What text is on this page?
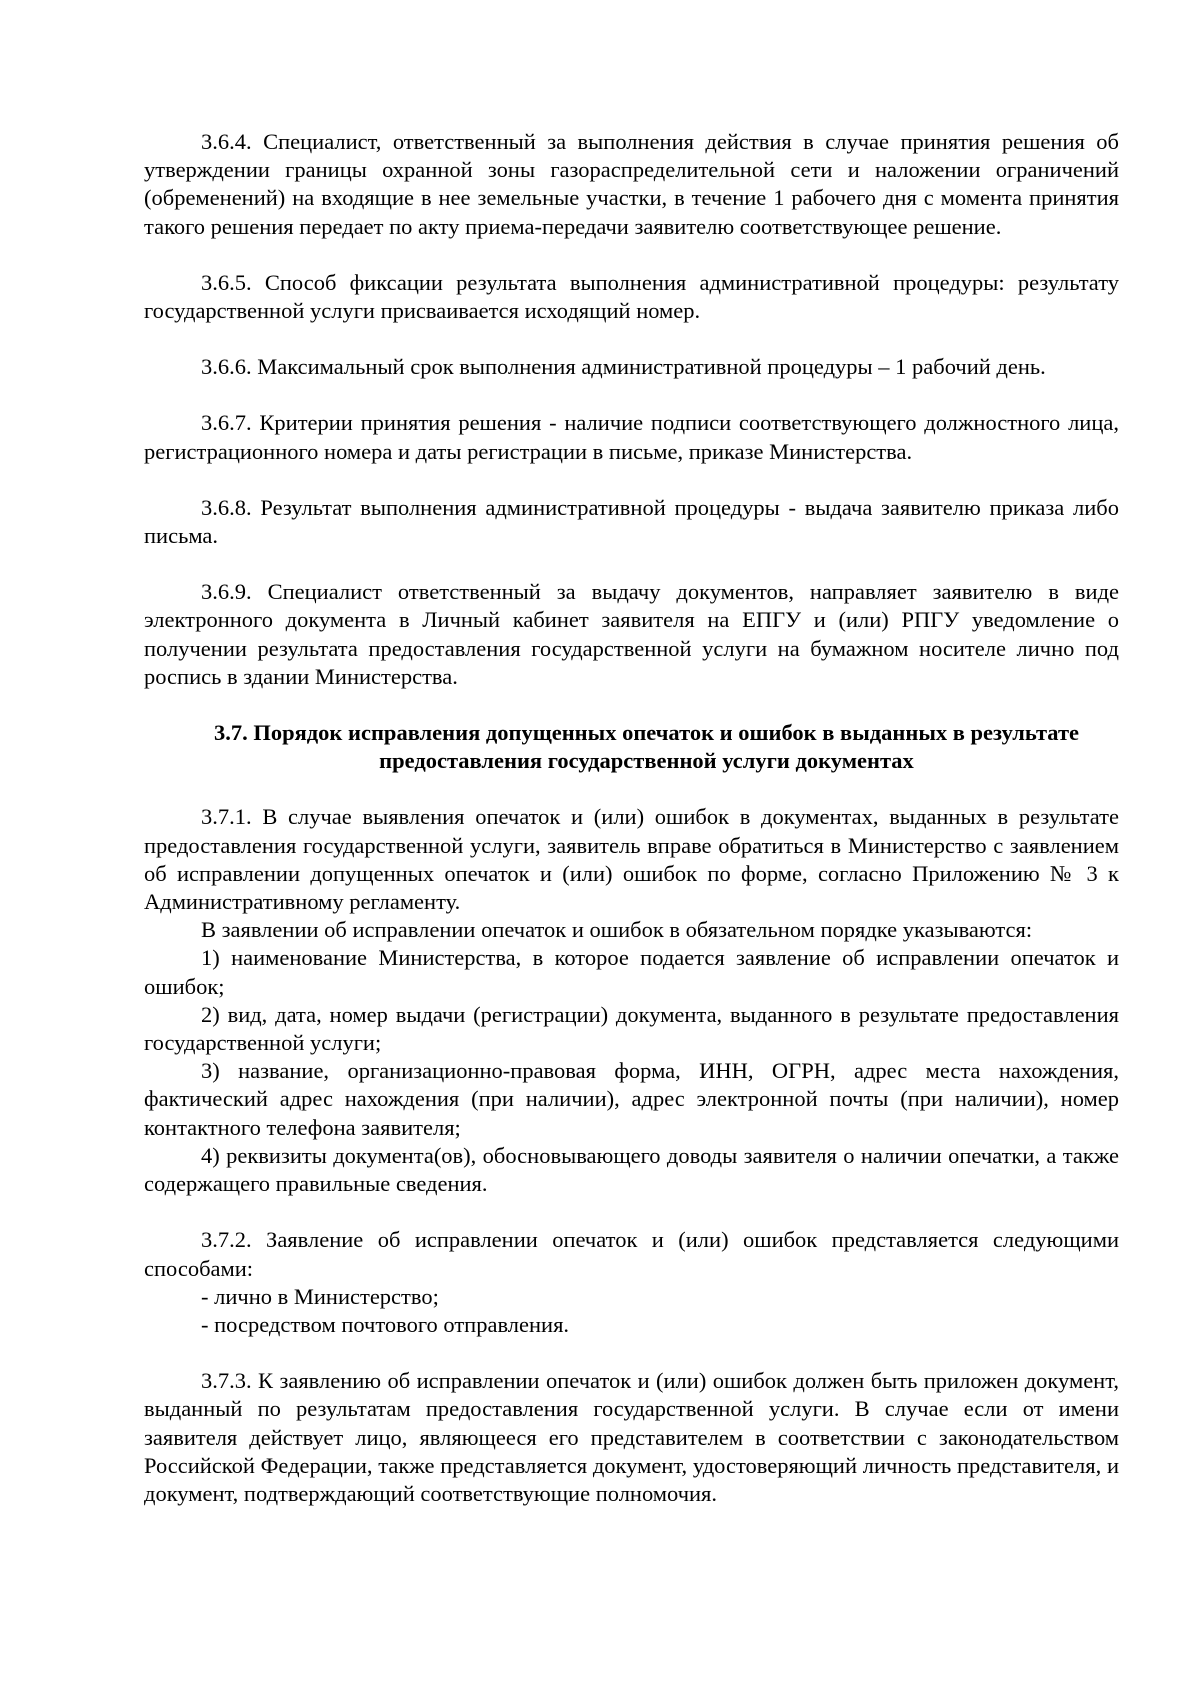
3.6.4. Специалист, ответственный за выполнения действия в случае принятия решения об утверждении границы охранной зоны газораспределительной сети и наложении ограничений (обременений) на входящие в нее земельные участки, в течение 1 рабочего дня с момента принятия такого решения передает по акту приема-передачи заявителю соответствующее решение.

3.6.5. Способ фиксации результата выполнения административной процедуры: результату государственной услуги присваивается исходящий номер.

3.6.6. Максимальный срок выполнения административной процедуры – 1 рабочий день.

3.6.7. Критерии принятия решения - наличие подписи соответствующего должностного лица, регистрационного номера и даты регистрации в письме, приказе Министерства.

3.6.8. Результат выполнения административной процедуры - выдача заявителю приказа либо письма.

3.6.9. Специалист ответственный за выдачу документов, направляет заявителю в виде электронного документа в Личный кабинет заявителя на ЕПГУ и (или) РПГУ уведомление о получении результата предоставления государственной услуги на бумажном носителе лично под роспись в здании Министерства.

3.7. Порядок исправления допущенных опечаток и ошибок в выданных в результате предоставления государственной услуги документах

3.7.1. В случае выявления опечаток и (или) ошибок в документах, выданных в результате предоставления государственной услуги, заявитель вправе обратиться в Министерство с заявлением об исправлении допущенных опечаток и (или) ошибок по форме, согласно Приложению № 3 к Административному регламенту.

В заявлении об исправлении опечаток и ошибок в обязательном порядке указываются:

1) наименование Министерства, в которое подается заявление об исправлении опечаток и ошибок;

2) вид, дата, номер выдачи (регистрации) документа, выданного в результате предоставления государственной услуги;

3) название, организационно-правовая форма, ИНН, ОГРН, адрес места нахождения, фактический адрес нахождения (при наличии), адрес электронной почты (при наличии), номер контактного телефона заявителя;

4) реквизиты документа(ов), обосновывающего доводы заявителя о наличии опечатки, а также содержащего правильные сведения.

3.7.2. Заявление об исправлении опечаток и (или) ошибок представляется следующими способами:

- лично в Министерство;

- посредством почтового отправления.

3.7.3. К заявлению об исправлении опечаток и (или) ошибок должен быть приложен документ, выданный по результатам предоставления государственной услуги. В случае если от имени заявителя действует лицо, являющееся его представителем в соответствии с законодательством Российской Федерации, также представляется документ, удостоверяющий личность представителя, и документ, подтверждающий соответствующие полномочия.
